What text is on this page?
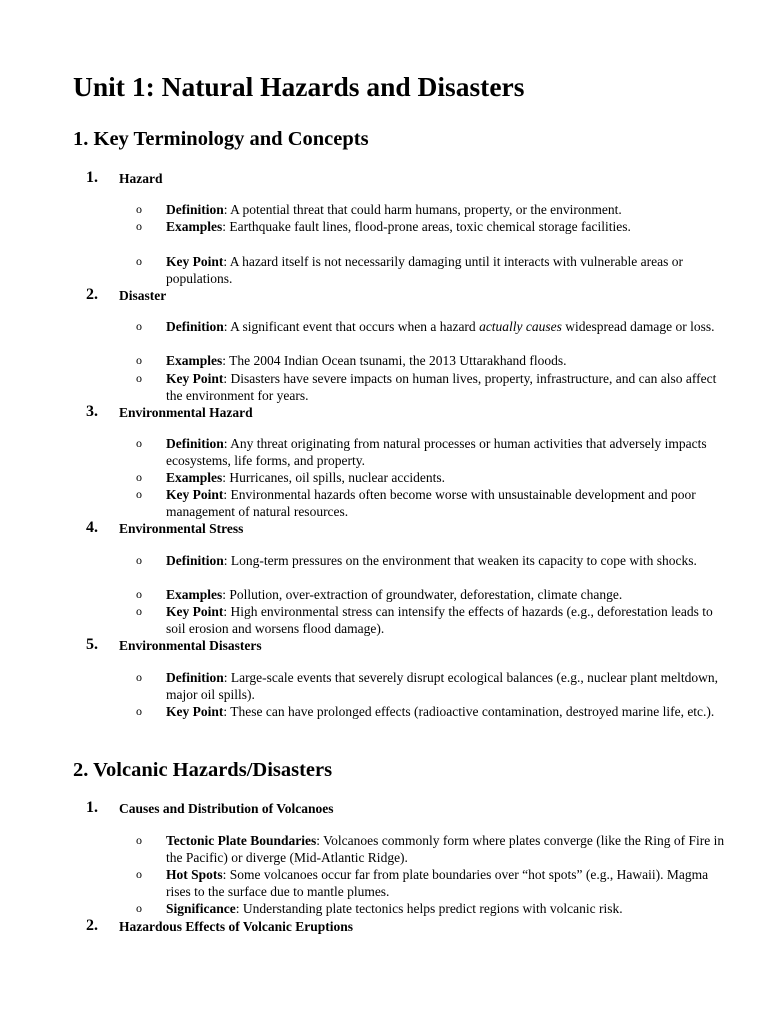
Unit 1: Natural Hazards and Disasters
1. Key Terminology and Concepts
1.	Hazard
o Definition: A potential threat that could harm humans, property, or the environment.
o Examples: Earthquake fault lines, flood-prone areas, toxic chemical storage facilities.
o Key Point: A hazard itself is not necessarily damaging until it interacts with vulnerable areas or populations.
2.	Disaster
o Definition: A significant event that occurs when a hazard actually causes widespread damage or loss.
o Examples: The 2004 Indian Ocean tsunami, the 2013 Uttarakhand floods.
o Key Point: Disasters have severe impacts on human lives, property, infrastructure, and can also affect the environment for years.
3.	Environmental Hazard
o Definition: Any threat originating from natural processes or human activities that adversely impacts ecosystems, life forms, and property.
o Examples: Hurricanes, oil spills, nuclear accidents.
o Key Point: Environmental hazards often become worse with unsustainable development and poor management of natural resources.
4.	Environmental Stress
o Definition: Long-term pressures on the environment that weaken its capacity to cope with shocks.
o Examples: Pollution, over-extraction of groundwater, deforestation, climate change.
o Key Point: High environmental stress can intensify the effects of hazards (e.g., deforestation leads to soil erosion and worsens flood damage).
5.	Environmental Disasters
o Definition: Large-scale events that severely disrupt ecological balances (e.g., nuclear plant meltdown, major oil spills).
o Key Point: These can have prolonged effects (radioactive contamination, destroyed marine life, etc.).
2. Volcanic Hazards/Disasters
1.	Causes and Distribution of Volcanoes
o Tectonic Plate Boundaries: Volcanoes commonly form where plates converge (like the Ring of Fire in the Pacific) or diverge (Mid-Atlantic Ridge).
o Hot Spots: Some volcanoes occur far from plate boundaries over “hot spots” (e.g., Hawaii). Magma rises to the surface due to mantle plumes.
o Significance: Understanding plate tectonics helps predict regions with volcanic risk.
2.	Hazardous Effects of Volcanic Eruptions
